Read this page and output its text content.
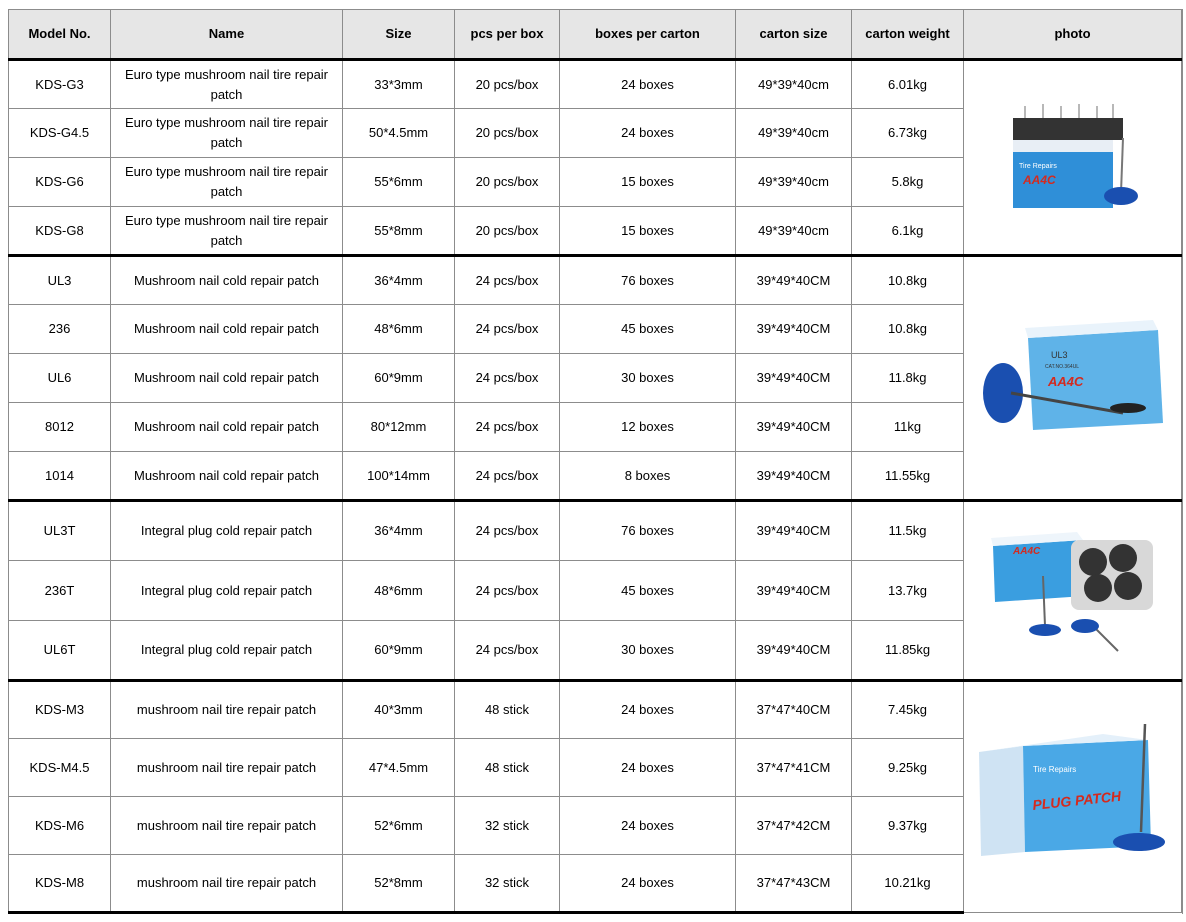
Model No.	Name	Size	pcs per box	boxes per carton	carton size	carton weight	photo
KDS-G3	Euro type mushroom nail tire repair patch	33*3mm	20 pcs/box	24 boxes	49*39*40cm	6.01kg	Tire Repairs
AA4C

KDS-G4.5	Euro type mushroom nail tire repair patch	50*4.5mm	20 pcs/box	24 boxes	49*39*40cm	6.73kg	
KDS-G6	Euro type mushroom nail tire repair patch	55*6mm	20 pcs/box	15 boxes	49*39*40cm	5.8kg	
KDS-G8	Euro type mushroom nail tire repair patch	55*8mm	20 pcs/box	15 boxes	49*39*40cm	6.1kg	
UL3	Mushroom nail cold repair patch	36*4mm	24 pcs/box	76 boxes	39*49*40CM	10.8kg	UL3
CAT.NO.364UL
AA4C

236	Mushroom nail cold repair patch	48*6mm	24 pcs/box	45 boxes	39*49*40CM	10.8kg	
UL6	Mushroom nail cold repair patch	60*9mm	24 pcs/box	30 boxes	39*49*40CM	11.8kg	
8012	Mushroom nail cold repair patch	80*12mm	24 pcs/box	12 boxes	39*49*40CM	11kg	
1014	Mushroom nail cold repair patch	100*14mm	24 pcs/box	8 boxes	39*49*40CM	11.55kg	
UL3T	Integral plug cold repair patch	36*4mm	24 pcs/box	76 boxes	39*49*40CM	11.5kg	AA4C

236T	Integral plug cold repair patch	48*6mm	24 pcs/box	45 boxes	39*49*40CM	13.7kg	
UL6T	Integral plug cold repair patch	60*9mm	24 pcs/box	30 boxes	39*49*40CM	11.85kg	
KDS-M3	mushroom nail tire repair patch	40*3mm	48 stick	24 boxes	37*47*40CM	7.45kg	Tire Repairs
PLUG PATCH

KDS-M4.5	mushroom nail tire repair patch	47*4.5mm	48 stick	24 boxes	37*47*41CM	9.25kg	
KDS-M6	mushroom nail tire repair patch	52*6mm	32 stick	24 boxes	37*47*42CM	9.37kg	
KDS-M8	mushroom nail tire repair patch	52*8mm	32 stick	24 boxes	37*47*43CM	10.21kg	
